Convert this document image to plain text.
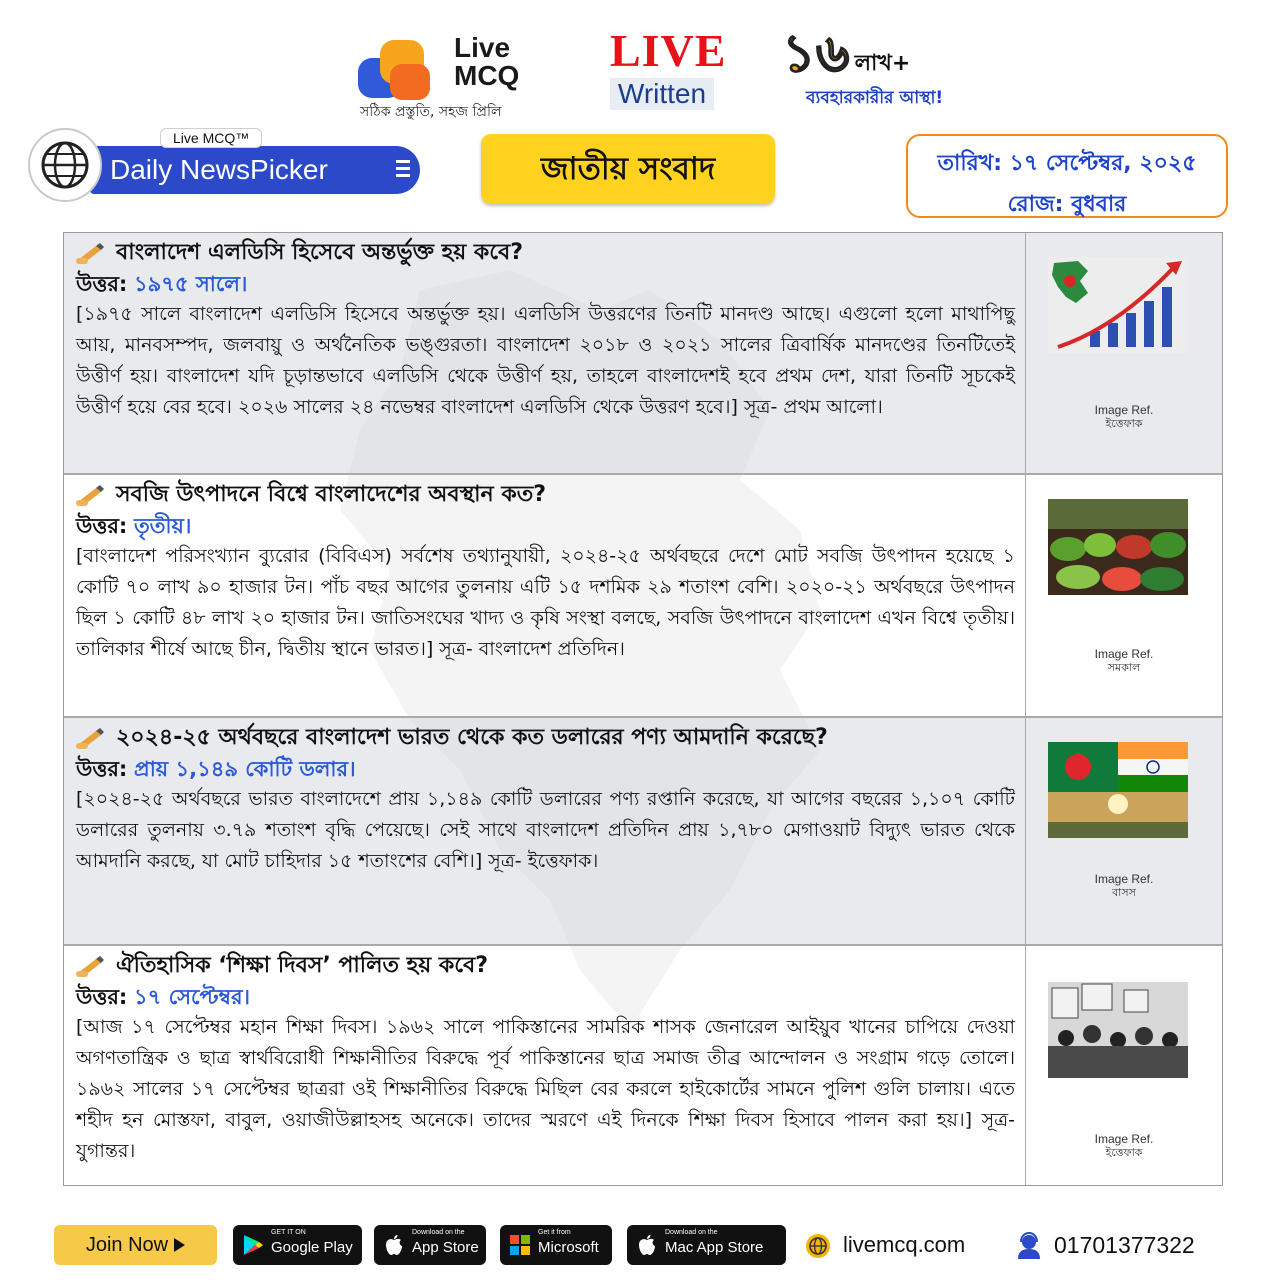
Live
MCQ
সঠিক প্রস্তুতি, সহজ প্রিলি
LIVE
Written
১৬ লাখ+
ব্যবহারকারীর আস্থা!
Daily NewsPicker
Live MCQ™
জাতীয় সংবাদ	তারিখ: ১৭ সেপ্টেম্বর, ২০২৫
রোজ: বুধবার
বাংলাদেশ এলডিসি হিসেবে অন্তর্ভুক্ত হয় কবে?
উত্তর: ১৯৭৫ সালে।
[১৯৭৫ সালে বাংলাদেশ এলডিসি হিসেবে অন্তর্ভুক্ত হয়। এলডিসি উত্তরণের তিনটি মানদণ্ড আছে। এগুলো হলো মাথাপিছু আয়, মানবসম্পদ, জলবায়ু ও অর্থনৈতিক ভঙ্গুরতা। বাংলাদেশ ২০১৮ ও ২০২১ সালের ত্রিবার্ষিক মানদণ্ডের তিনটিতেই উত্তীর্ণ হয়। বাংলাদেশ যদি চূড়ান্তভাবে এলডিসি থেকে উত্তীর্ণ হয়, তাহলে বাংলাদেশই হবে প্রথম দেশ, যারা তিনটি সূচকেই উত্তীর্ণ হয়ে বের হবে। ২০২৬ সালের ২৪ নভেম্বর বাংলাদেশ এলডিসি থেকে উত্তরণ হবে।] সূত্র- প্রথম আলো।	Image Ref.
ইত্তেফাক
সবজি উৎপাদনে বিশ্বে বাংলাদেশের অবস্থান কত?
উত্তর: তৃতীয়।
[বাংলাদেশ পরিসংখ্যান ব্যুরোর (বিবিএস) সর্বশেষ তথ্যানুযায়ী, ২০২৪-২৫ অর্থবছরে দেশে মোট সবজি উৎপাদন হয়েছে ১ কোটি ৭০ লাখ ৯০ হাজার টন। পাঁচ বছর আগের তুলনায় এটি ১৫ দশমিক ২৯ শতাংশ বেশি। ২০২০-২১ অর্থবছরে উৎপাদন ছিল ১ কোটি ৪৮ লাখ ২০ হাজার টন। জাতিসংঘের খাদ্য ও কৃষি সংস্থা বলছে, সবজি উৎপাদনে বাংলাদেশ এখন বিশ্বে তৃতীয়। তালিকার শীর্ষে আছে চীন, দ্বিতীয় স্থানে ভারত।] সূত্র- বাংলাদেশ প্রতিদিন।	Image Ref.
সমকাল
২০২৪-২৫ অর্থবছরে বাংলাদেশ ভারত থেকে কত ডলারের পণ্য আমদানি করেছে?
উত্তর: প্রায় ১,১৪৯ কোটি ডলার।
[২০২৪-২৫ অর্থবছরে ভারত বাংলাদেশে প্রায় ১,১৪৯ কোটি ডলারের পণ্য রপ্তানি করেছে, যা আগের বছরের ১,১০৭ কোটি ডলারের তুলনায় ৩.৭৯ শতাংশ বৃদ্ধি পেয়েছে। সেই সাথে বাংলাদেশ প্রতিদিন প্রায় ১,৭৮০ মেগাওয়াট বিদ্যুৎ ভারত থেকে আমদানি করছে, যা মোট চাহিদার ১৫ শতাংশের বেশি।] সূত্র- ইত্তেফাক।
Image Ref.
বাসস
ঐতিহাসিক ‘শিক্ষা দিবস’ পালিত হয় কবে?
উত্তর: ১৭ সেপ্টেম্বর।
[আজ ১৭ সেপ্টেম্বর মহান শিক্ষা দিবস। ১৯৬২ সালে পাকিস্তানের সামরিক শাসক জেনারেল আইয়ুব খানের চাপিয়ে দেওয়া অগণতান্ত্রিক ও ছাত্র স্বার্থবিরোধী শিক্ষানীতির বিরুদ্ধে পূর্ব পাকিস্তানের ছাত্র সমাজ তীব্র আন্দোলন ও সংগ্রাম গড়ে তোলে। ১৯৬২ সালের ১৭ সেপ্টেম্বর ছাত্ররা ওই শিক্ষানীতির বিরুদ্ধে মিছিল বের করলে হাইকোর্টের সামনে পুলিশ গুলি চালায়। এতে শহীদ হন মোস্তফা, বাবুল, ওয়াজীউল্লাহসহ অনেকে। তাদের স্মরণে এই দিনকে শিক্ষা দিবস হিসাবে পালন করা হয়।] সূত্র- যুগান্তর।
Image Ref.
ইত্তেফাক
Join Now
GET IT ON
Google Play
Download on the
App Store
Get it from
Microsoft
Download on the
Mac App Store	livemcq.com	01701377322
